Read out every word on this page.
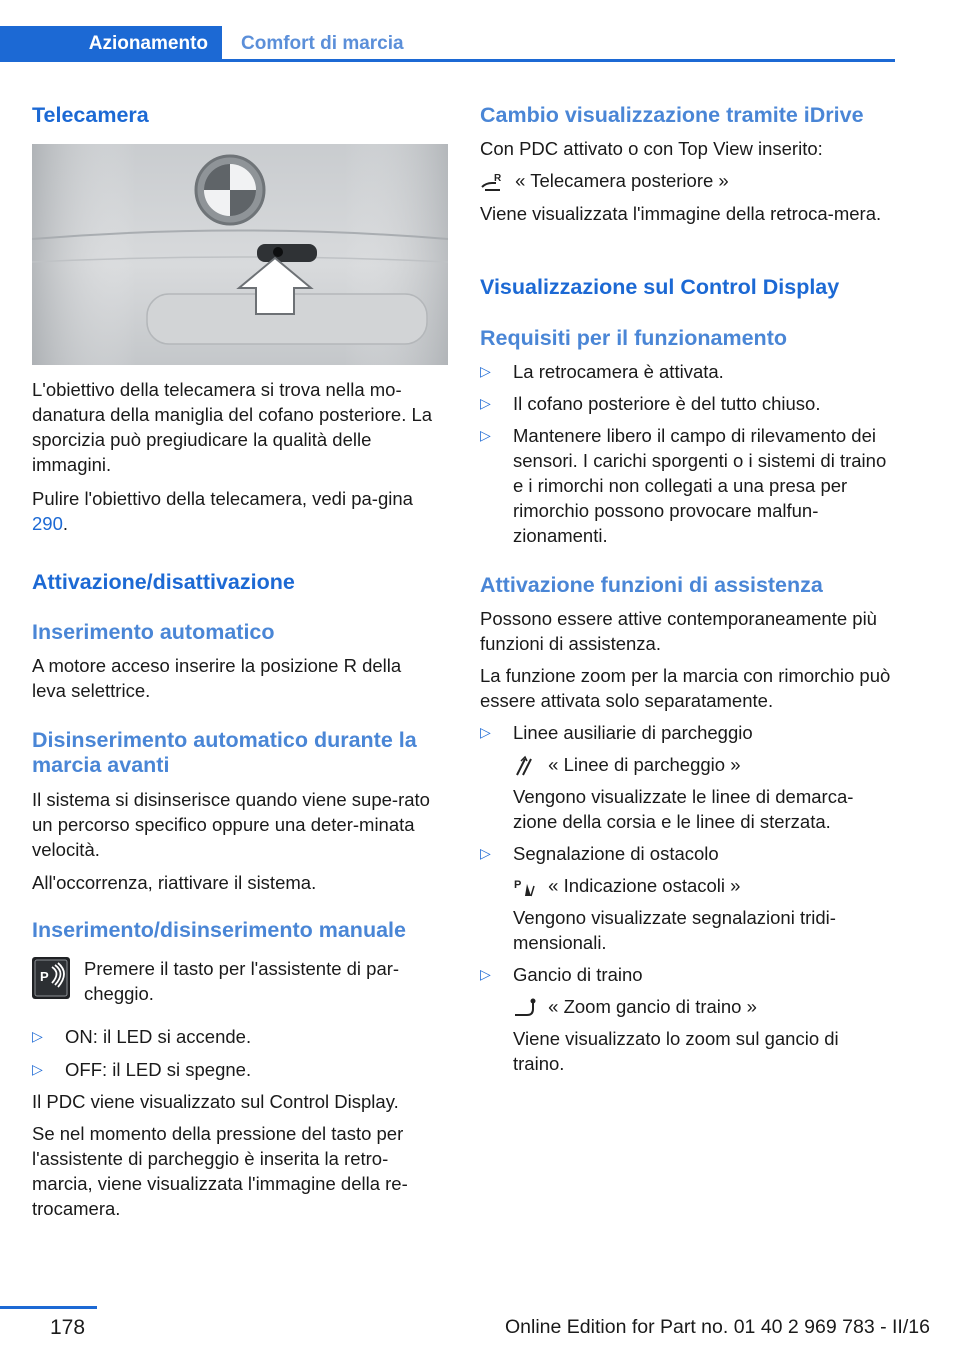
Azionamento	Comfort di marcia
Telecamera

L'obiettivo della telecamera si trova nella mo-danatura della maniglia del cofano posteriore. La sporcizia può pregiudicare la qualità delle immagini.

Pulire l'obiettivo della telecamera, vedi pa-gina 290.

Attivazione/disattivazione
Inserimento automatico

A motore acceso inserire la posizione R della leva selettrice.

Disinserimento automatico durante la marcia avanti

Il sistema si disinserisce quando viene supe-rato un percorso specifico oppure una deter-minata velocità.

All'occorrenza, riattivare il sistema.

Inserimento/disinserimento manuale

Premere il tasto per l'assistente di par-cheggio.

▷ ON: il LED si accende.
▷ OFF: il LED si spegne.

Il PDC viene visualizzato sul Control Display.

Se nel momento della pressione del tasto per l'assistente di parcheggio è inserita la retro-marcia, viene visualizzata l'immagine della re-trocamera.

P
Cambio visualizzazione tramite iDrive

Con PDC attivato o con Top View inserito:

R « Telecamera posteriore »

Viene visualizzata l'immagine della retroca-mera.

Visualizzazione sul Control Display
Requisiti per il funzionamento
▷ La retrocamera è attivata.
▷ Il cofano posteriore è del tutto chiuso.
▷ Mantenere libero il campo di rilevamento dei sensori. I carichi sporgenti o i sistemi di traino e i rimorchi non collegati a una presa per rimorchio possono provocare malfun-zionamenti.
Attivazione funzioni di assistenza

Possono essere attive contemporaneamente più funzioni di assistenza.

La funzione zoom per la marcia con rimorchio può essere attivata solo separatamente.

▷ Linee ausiliarie di parcheggio
« Linee di parcheggio »

Vengono visualizzate le linee di demarca-zione della corsia e le linee di sterzata.

▷ Segnalazione di ostacolo
P « Indicazione ostacoli »

Vengono visualizzate segnalazioni tridi-mensionali.

▷ Gancio di traino
« Zoom gancio di traino »

Viene visualizzato lo zoom sul gancio di traino.

178	Online Edition for Part no. 01 40 2 969 783 - II/16
